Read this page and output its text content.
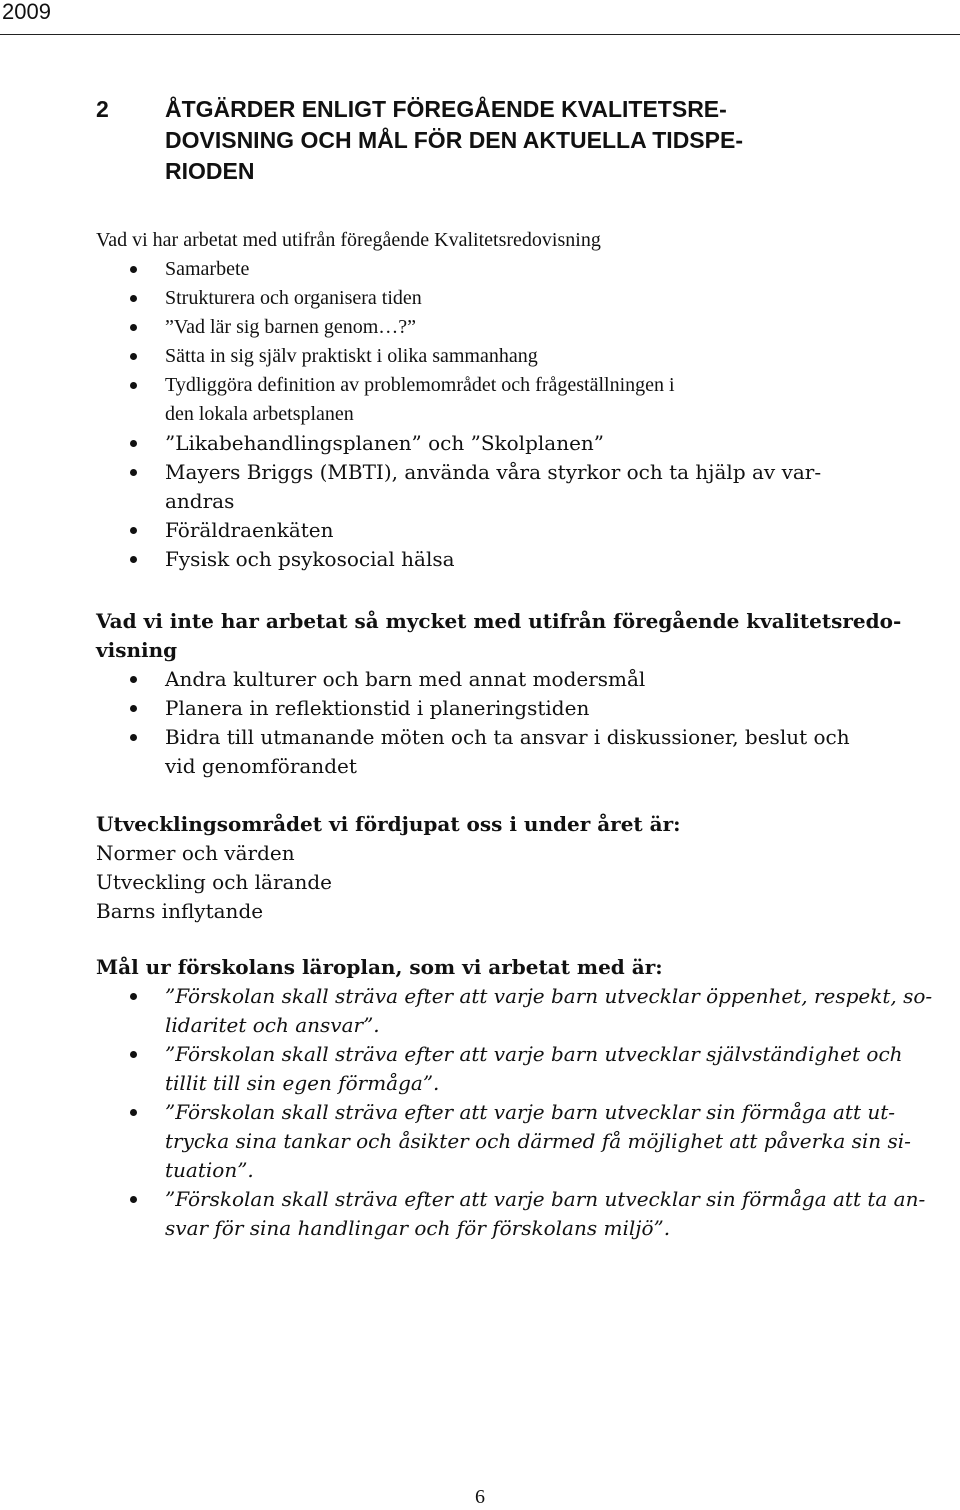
2009
2 ÅTGÄRDER ENLIGT FÖREGÅENDE KVALITETSRE-
DOVISNING OCH MÅL FÖR DEN AKTUELLA TIDSPE-
RIODEN
Vad vi har arbetat med utifrån föregående Kvalitetsredovisning
Samarbete
Strukturera och organisera tiden
”Vad lär sig barnen genom…?”
Sätta in sig själv praktiskt i olika sammanhang
Tydliggöra definition av problemområdet och frågeställningen i
den lokala arbetsplanen
”Likabehandlingsplanen” och ”Skolplanen”
Mayers Briggs (MBTI), använda våra styrkor och ta hjälp av var-
andras
Föräldraenkäten
Fysisk och psykosocial hälsa
Vad vi inte har arbetat så mycket med utifrån föregående kvalitetsredo-
visning
Andra kulturer och barn med annat modersmål
Planera in reflektionstid i planeringstiden
Bidra till utmanande möten och ta ansvar i diskussioner, beslut och
vid genomförandet
Utvecklingsområdet vi fördjupat oss i under året är:
Normer och värden
Utveckling och lärande
Barns inflytande
Mål ur förskolans läroplan, som vi arbetat med är:
”Förskolan skall sträva efter att varje barn utvecklar öppenhet, respekt, so-
lidaritet och ansvar”.
”Förskolan skall sträva efter att varje barn utvecklar självständighet och
tillit till sin egen förmåga”.
”Förskolan skall sträva efter att varje barn utvecklar sin förmåga att ut-
trycka sina tankar och åsikter och därmed få möjlighet att påverka sin si-
tuation”.
”Förskolan skall sträva efter att varje barn utvecklar sin förmåga att ta an-
svar för sina handlingar och för förskolans miljö”.
6
